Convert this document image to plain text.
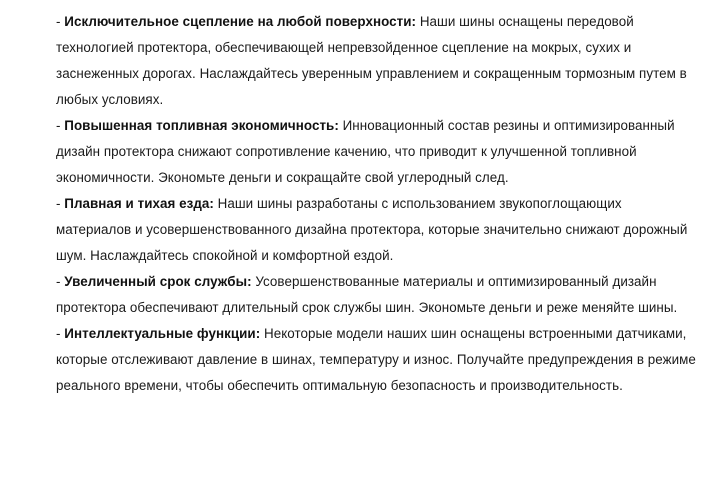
- Исключительное сцепление на любой поверхности: Наши шины оснащены передовой технологией протектора, обеспечивающей непревзойденное сцепление на мокрых, сухих и заснеженных дорогах. Наслаждайтесь уверенным управлением и сокращенным тормозным путем в любых условиях.
- Повышенная топливная экономичность: Инновационный состав резины и оптимизированный дизайн протектора снижают сопротивление качению, что приводит к улучшенной топливной экономичности. Экономьте деньги и сокращайте свой углеродный след.
- Плавная и тихая езда: Наши шины разработаны с использованием звукопоглощающих материалов и усовершенствованного дизайна протектора, которые значительно снижают дорожный шум. Наслаждайтесь спокойной и комфортной ездой.
- Увеличенный срок службы: Усовершенствованные материалы и оптимизированный дизайн протектора обеспечивают длительный срок службы шин. Экономьте деньги и реже меняйте шины.
- Интеллектуальные функции: Некоторые модели наших шин оснащены встроенными датчиками, которые отслеживают давление в шинах, температуру и износ. Получайте предупреждения в режиме реального времени, чтобы обеспечить оптимальную безопасность и производительность.
